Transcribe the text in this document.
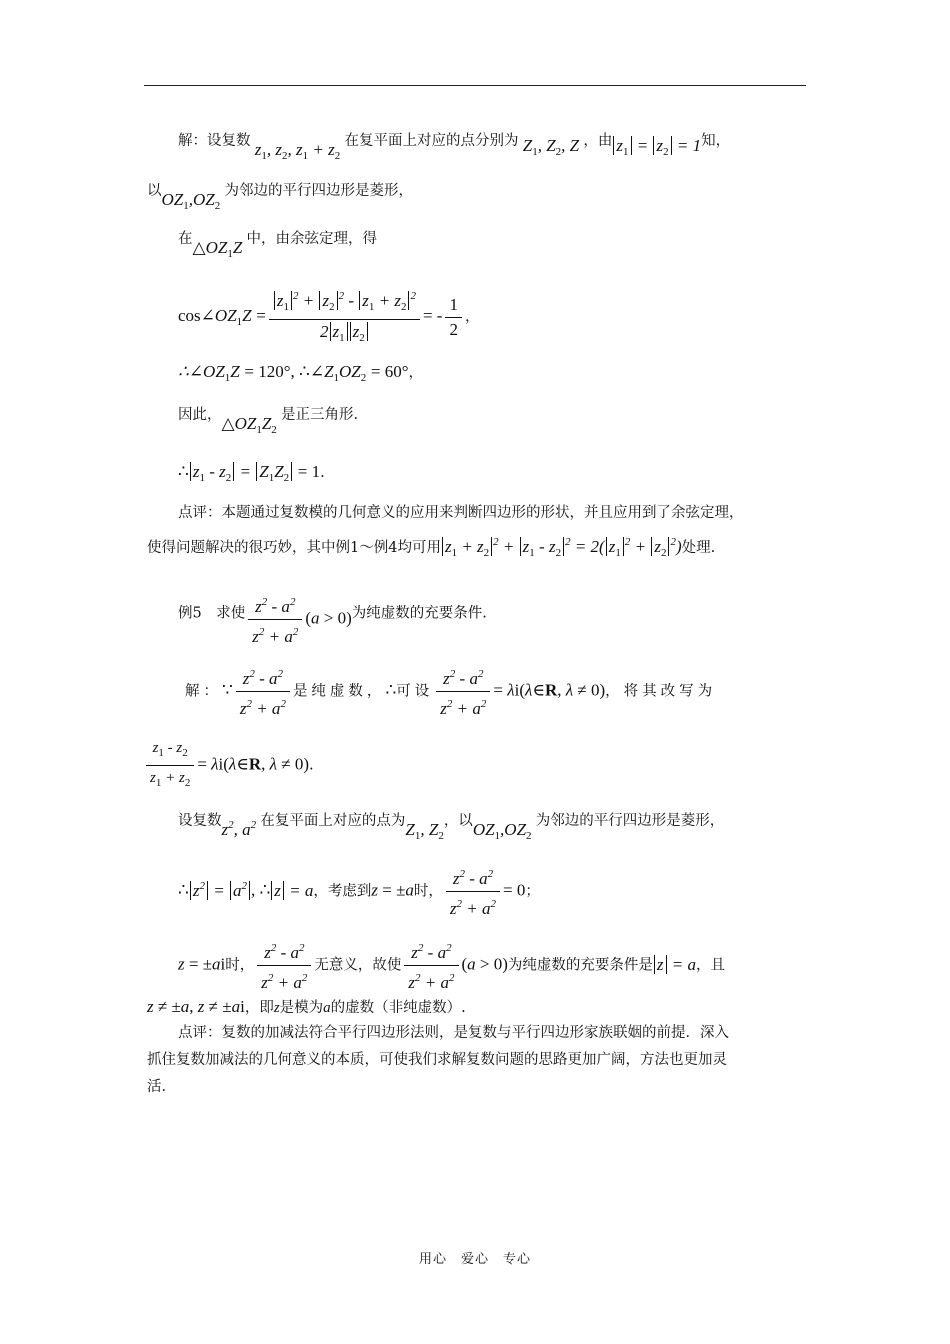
解：设复数 $z_1$, $z_2$, $z_1 + z_2$ 在复平面上对应的点分别为 $Z_1$, $Z_2$, Z ，由 $z_1 = z_2 = 1$知，
以$OZ_1,OZ_2$ 为邻边的平行四边形是菱形，
在$\triangle OZ_1Z$ 中，由余弦定理，得
$\cos\angle OZ_1Z = \frac{z_1^2 + z_2^2 - z_1 + z_2^2}{2 z_1 z_2}$ = - $\frac{1}{2}$ ，
$\therefore\angle OZ_1Z = 120^\circ$, $\therefore\angle Z_1OZ_2 = 60^\circ$，
因此，$\triangle OZ_1Z_2$ 是正三角形.
∴ $z_1 - z_2 = Z_1Z_2 = 1$.
点评：本题通过复数模的几何意义的应用来判断四边形的形状，并且应用到了余弦定理，
使得问题解决的很巧妙，其中例1～例4均可用 $z_1 + z_2^2 + z_1 - z_2^2 = 2$( $z_1^2 + z_2^2$)处理.
例5　求使 $\frac{z^2 - a^2}{z^2 + a^2} (a > 0)$为纯虚数的充要条件.
解：∵ $\frac{z^2 - a^2}{z^2 + a^2}$ 是纯虚数，∴可设 $\frac{z^2 - a^2}{z^2 + a^2}$ = λi(λ∈R, λ ≠ 0)，将其改写为
$\frac{z_1 - z_2}{z_1 + z_2}$ = λi(λ∈R, λ ≠ 0).
设复数$z^2$, $a^2$ 在复平面上对应的点为$Z_1$, $Z_2$，以$OZ_1,OZ_2$ 为邻边的平行四边形是菱形，
∴ $z^2 = a^2$ , ∴ z = a，考虑到z = ±a时， $\frac{z^2 - a^2}{z^2 + a^2} = 0$；
z = ±ai时， $\frac{z^2 - a^2}{z^2 + a^2}$ 无意义，故使 $\frac{z^2 - a^2}{z^2 + a^2} (a > 0)$为纯虚数的充要条件是 z = a，且
z ≠ ±a, z ≠ ±ai，即z是模为a的虚数（非纯虚数）.
点评：复数的加减法符合平行四边形法则，是复数与平行四边形家族联姻的前提．深入
抓住复数加减法的几何意义的本质，可使我们求解复数问题的思路更加广阔，方法也更加灵
活.
用心　爱心　专心
